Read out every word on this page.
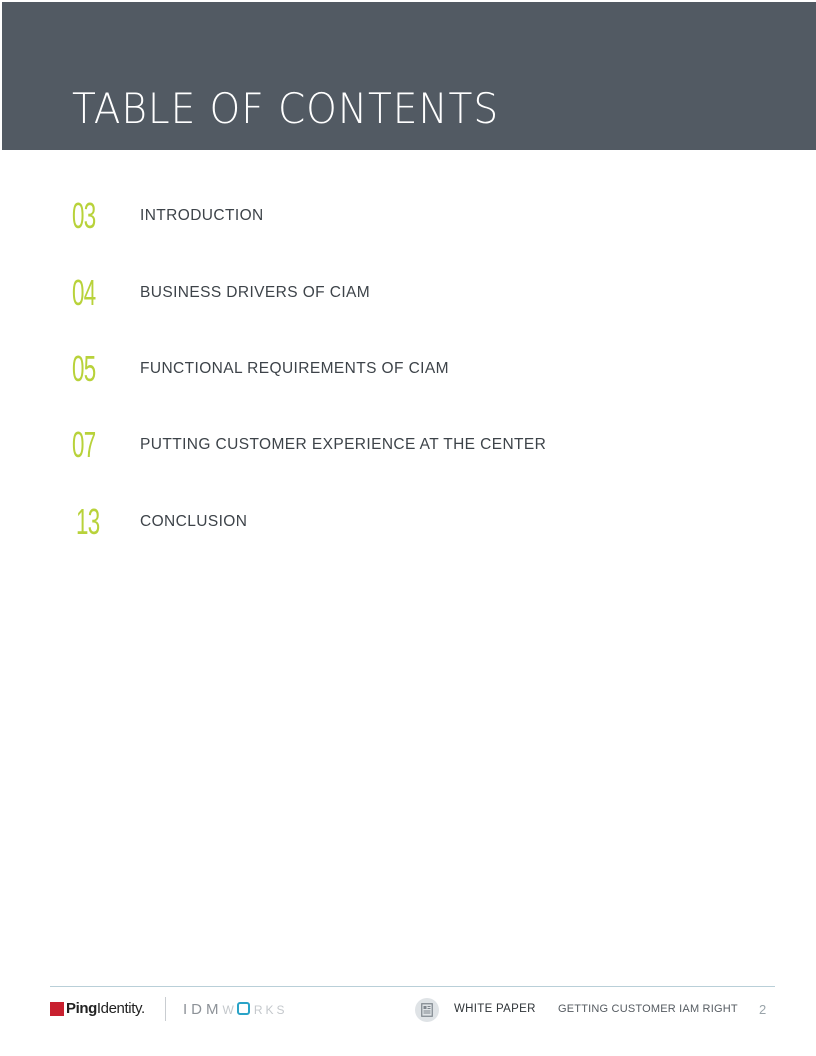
TABLE OF CONTENTS
03	INTRODUCTION
04	BUSINESS DRIVERS OF CIAM
05	FUNCTIONAL REQUIREMENTS OF CIAM
07	PUTTING CUSTOMER EXPERIENCE AT THE CENTER
13	CONCLUSION
PingIdentity.	IDMW RKS	WHITE PAPER GETTING CUSTOMER IAM RIGHT 2
